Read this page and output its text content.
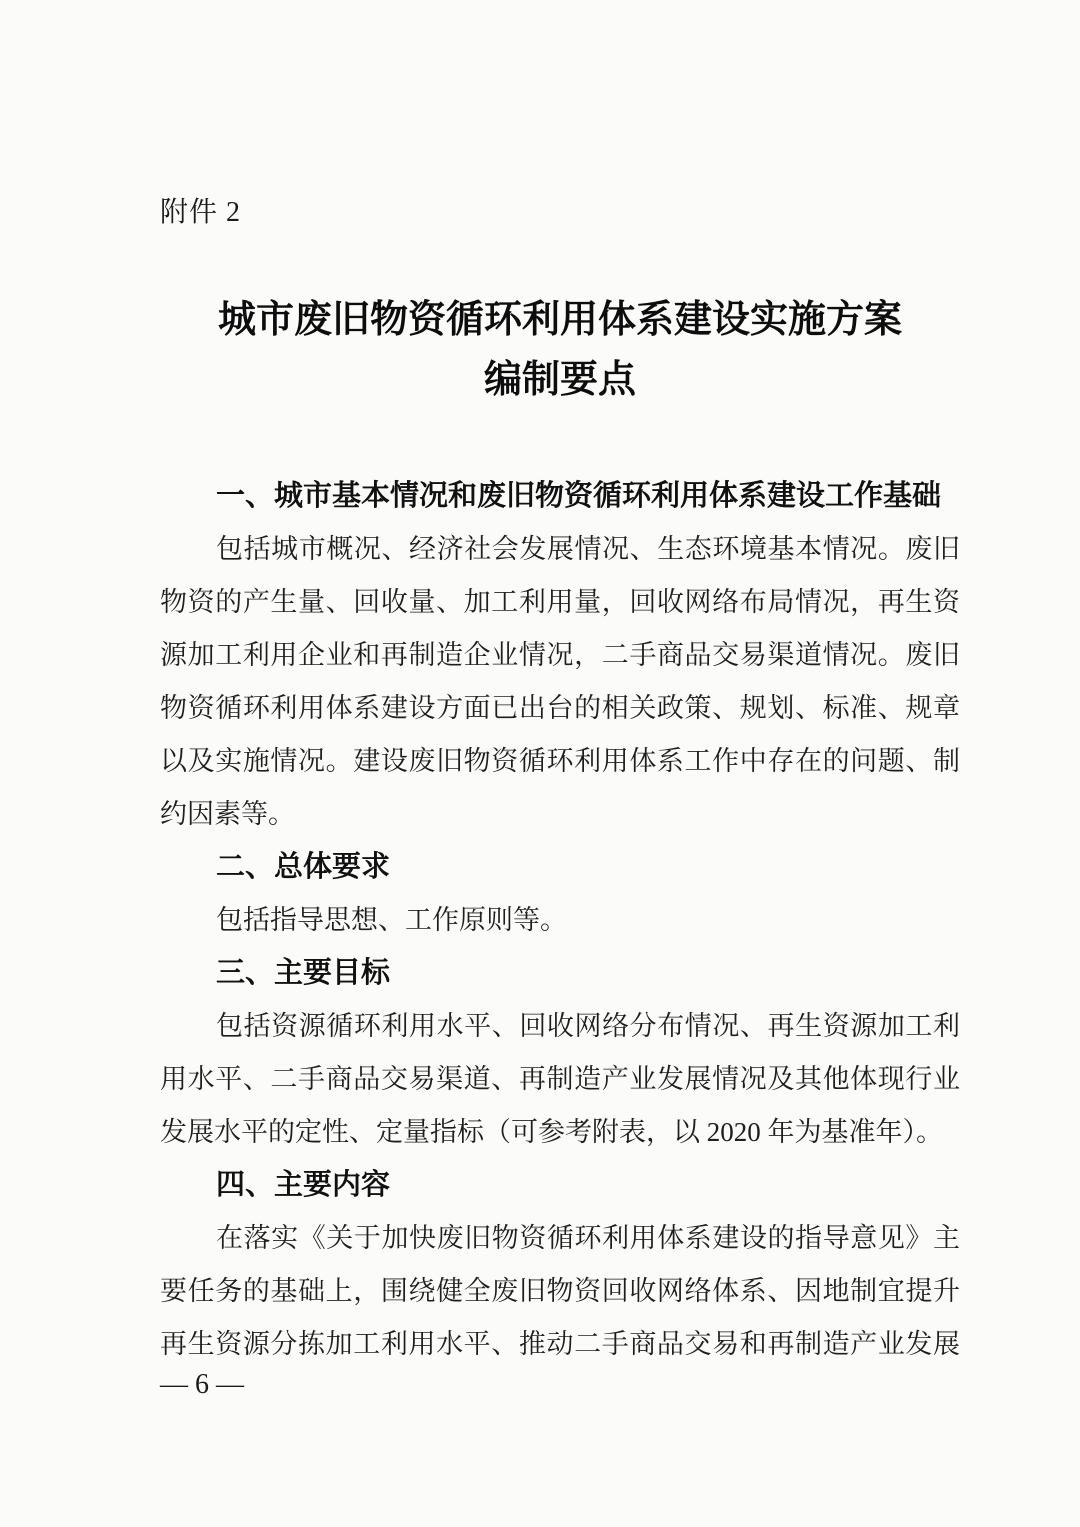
附件 2
城市废旧物资循环利用体系建设实施方案
编制要点
一、城市基本情况和废旧物资循环利用体系建设工作基础
包括城市概况、经济社会发展情况、生态环境基本情况。废旧
物资的产生量、回收量、加工利用量，回收网络布局情况，再生资
源加工利用企业和再制造企业情况，二手商品交易渠道情况。废旧
物资循环利用体系建设方面已出台的相关政策、规划、标准、规章
以及实施情况。建设废旧物资循环利用体系工作中存在的问题、制
约因素等。
二、总体要求
包括指导思想、工作原则等。
三、主要目标
包括资源循环利用水平、回收网络分布情况、再生资源加工利
用水平、二手商品交易渠道、再制造产业发展情况及其他体现行业
发展水平的定性、定量指标（可参考附表，以 2020 年为基准年）。
四、主要内容
在落实《关于加快废旧物资循环利用体系建设的指导意见》主
要任务的基础上，围绕健全废旧物资回收网络体系、因地制宜提升
再生资源分拣加工利用水平、推动二手商品交易和再制造产业发展
— 6 —
